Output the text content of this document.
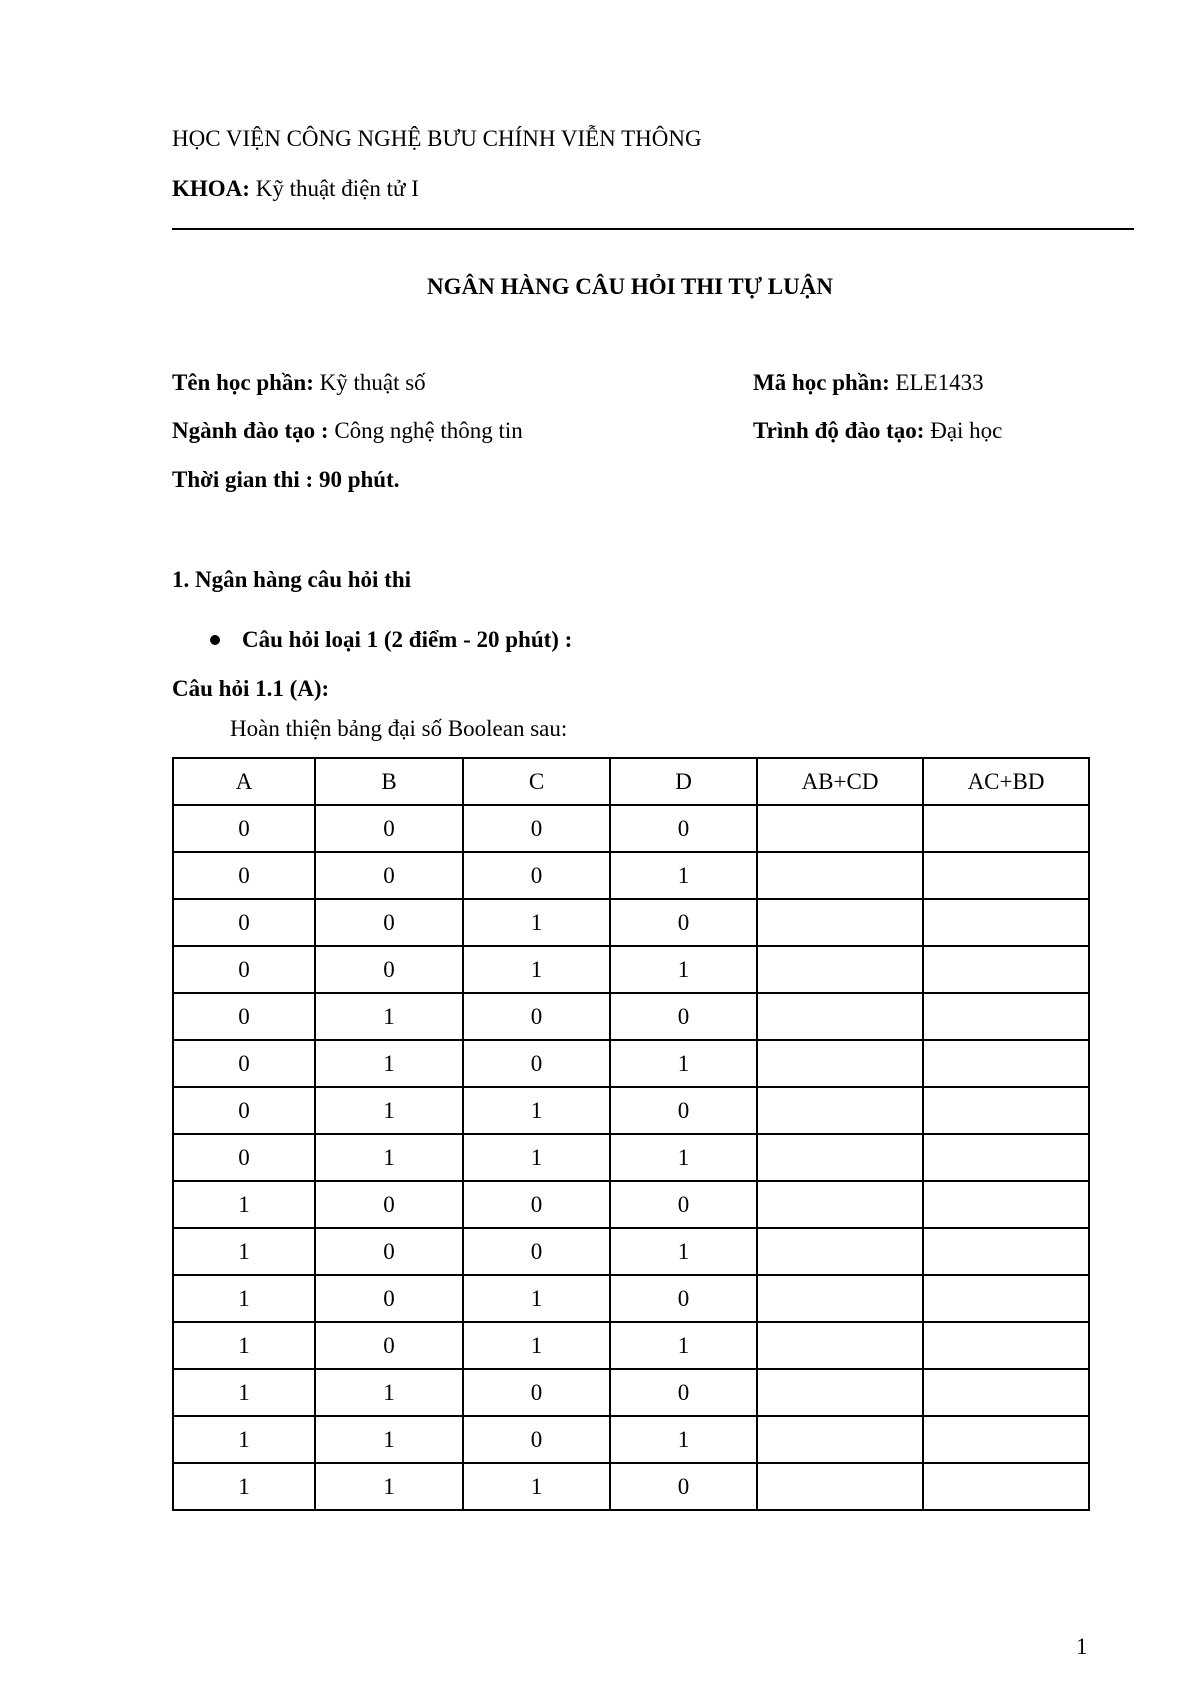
HỌC VIỆN CÔNG NGHỆ BƯU CHÍNH VIỄN THÔNG
KHOA: Kỹ thuật điện tử I
NGÂN HÀNG CÂU HỎI THI TỰ LUẬN
Tên học phần: Kỹ thuật số	Mã học phần: ELE1433
Ngành đào tạo : Công nghệ thông tin	Trình độ đào tạo: Đại học
Thời gian thi : 90 phút.
1. Ngân hàng câu hỏi thi
Câu hỏi loại 1 (2 điểm - 20 phút) :
Câu hỏi 1.1 (A):
Hoàn thiện bảng đại số Boolean sau:
A	B	C	D	AB+CD	AC+BD
0	0	0	0		
0	0	0	1		
0	0	1	0		
0	0	1	1		
0	1	0	0		
0	1	0	1		
0	1	1	0		
0	1	1	1		
1	0	0	0		
1	0	0	1		
1	0	1	0		
1	0	1	1		
1	1	0	0		
1	1	0	1		
1	1	1	0		
1
